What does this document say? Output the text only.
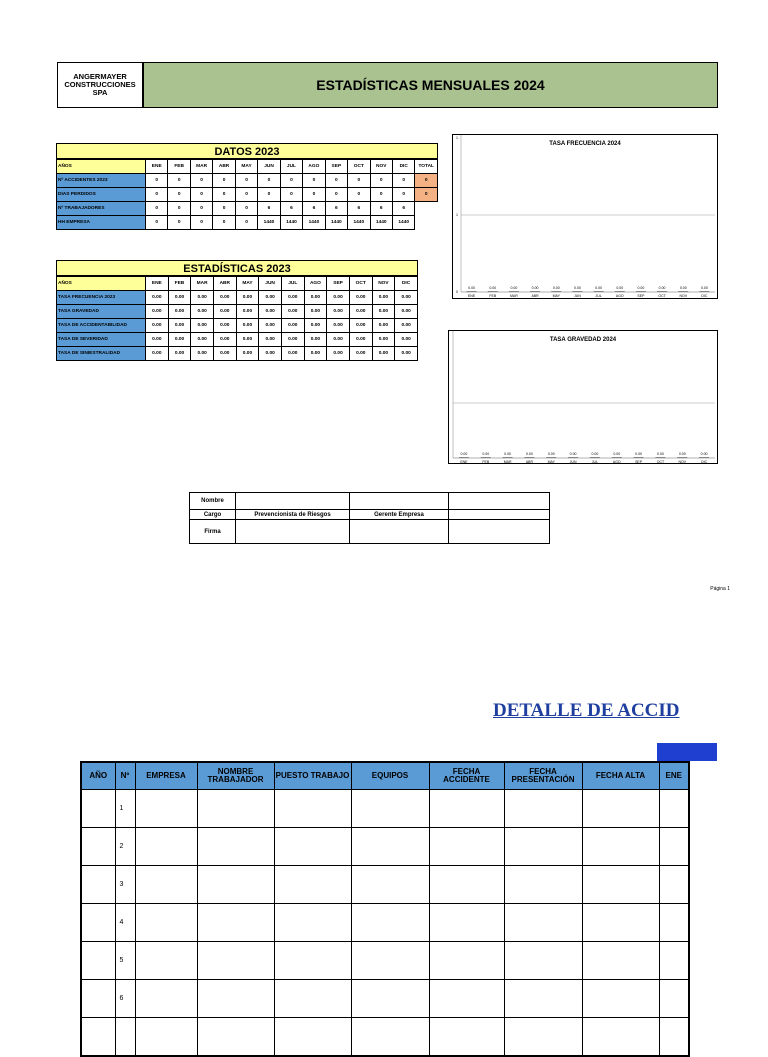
ANGERMAYER
CONSTRUCCIONES
SPA	ESTADÍSTICAS MENSUALES 2024
DATOS 2023
AÑOS	ENE	FEB	MAR	ABR	MAY	JUN	JUL	AGO	SEP	OCT	NOV	DIC	TOTAL
Nº ACCIDENTES 2023	0	0	0	0	0	0	0	0	0	0	0	0	0
DIAS PERDIDOS	0	0	0	0	0	0	0	0	0	0	0	0	0
Nº TRABAJADORES	0	0	0	0	0	6	6	6	6	6	6	6	
HH EMPRESA	0	0	0	0	0	1440	1440	1440	1440	1440	1440	1440	
ESTADÍSTICAS 2023
AÑOS	ENE	FEB	MAR	ABR	MAY	JUN	JUL	AGO	SEP	OCT	NOV	DIC
TASA FRECUENCIA 2023	0.00	0.00	0.00	0.00	0.00	0.00	0.00	0.00	0.00	0.00	0.00	0.00
TASA GRAVEDAD	0.00	0.00	0.00	0.00	0.00	0.00	0.00	0.00	0.00	0.00	0.00	0.00
TASA DE ACCIDENTABILIDAD	0.00	0.00	0.00	0.00	0.00	0.00	0.00	0.00	0.00	0.00	0.00	0.00
TASA DE SEVERIDAD	0.00	0.00	0.00	0.00	0.00	0.00	0.00	0.00	0.00	0.00	0.00	0.00
TASA DE SINIESTRALIDAD	0.00	0.00	0.00	0.00	0.00	0.00	0.00	0.00	0.00	0.00	0.00	0.00
TASA FRECUENCIA 2024
0
1
1
0.00
ENE
0.00
FEB
0.00
MAR
0.00
ABR
0.00
MAY
0.00
JUN
0.00
JUL
0.00
AGO
0.00
SEP
0.00
OCT
0.00
NOV
0.00
DIC
TASA GRAVEDAD 2024
0.00
ENE
0.00
FEB
0.00
MAR
0.00
ABR
0.00
MAY
0.00
JUN
0.00
JUL
0.00
AGO
0.00
SEP
0.00
OCT
0.00
NOV
0.00
DIC
Nombre			
Cargo	Prevencionista de Riesgos	Gerente Empresa	
Firma			
Página 1
DETALLE DE ACCID
AÑO	Nº	EMPRESA	NOMBRE TRABAJADOR	PUESTO TRABAJO	EQUIPOS	FECHA ACCIDENTE	FECHA PRESENTACIÓN	FECHA ALTA	ENE
	1								
	2								
	3								
	4								
	5								
	6								
